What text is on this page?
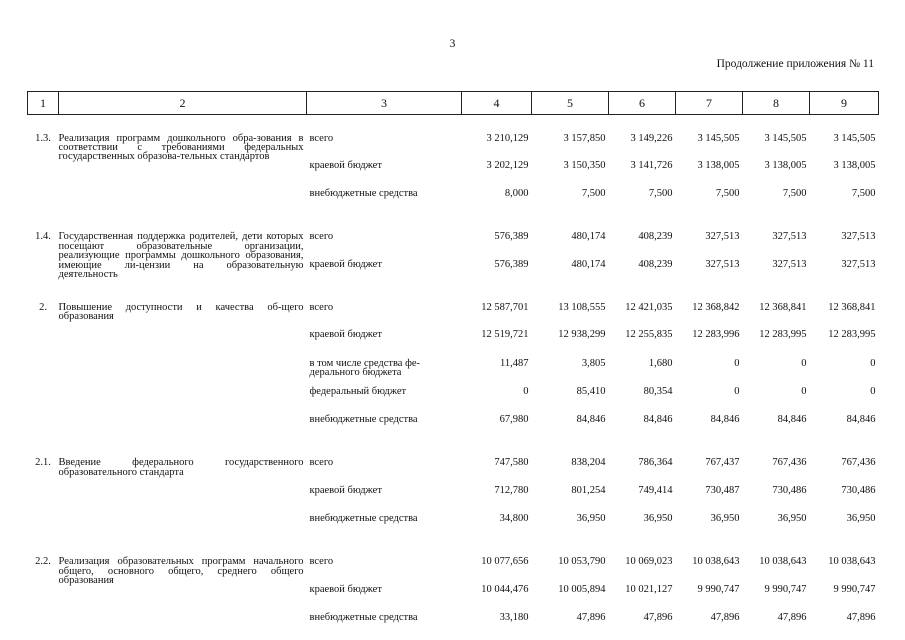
3
Продолжение приложения № 11
1	2	3	4	5	6	7	8	9

1.3.	Реализация программ дошкольного обра-зования в соответствии с требованиями федеральных государственных образова-тельных стандартов	всего	3 210,129	3 157,850	3 149,226	3 145,505	3 145,505	3 145,505
		краевой бюджет	3 202,129	3 150,350	3 141,726	3 138,005	3 138,005	3 138,005
		внебюджетные средства	8,000	7,500	7,500	7,500	7,500	7,500

1.4.	Государственная поддержка родителей, дети которых посещают образовательные организации, реализующие программы дошкольного образования, имеющие ли-цензии на образовательную деятельность	всего	576,389	480,174	408,239	327,513	327,513	327,513
		краевой бюджет	576,389	480,174	408,239	327,513	327,513	327,513

2.	Повышение доступности и качества об-щего образования	всего	12 587,701	13 108,555	12 421,035	12 368,842	12 368,841	12 368,841
		краевой бюджет	12 519,721	12 938,299	12 255,835	12 283,996	12 283,995	12 283,995
		в том числе средства фе-дерального бюджета	11,487	3,805	1,680	0	0	0
		федеральный бюджет	0	85,410	80,354	0	0	0
		внебюджетные средства	67,980	84,846	84,846	84,846	84,846	84,846

2.1.	Введение федерального государственного образовательного стандарта	всего	747,580	838,204	786,364	767,437	767,436	767,436
		краевой бюджет	712,780	801,254	749,414	730,487	730,486	730,486
		внебюджетные средства	34,800	36,950	36,950	36,950	36,950	36,950

2.2.	Реализация образовательных программ начального общего, основного общего, среднего общего образования	всего	10 077,656	10 053,790	10 069,023	10 038,643	10 038,643	10 038,643
		краевой бюджет	10 044,476	10 005,894	10 021,127	9 990,747	9 990,747	9 990,747
		внебюджетные средства	33,180	47,896	47,896	47,896	47,896	47,896
